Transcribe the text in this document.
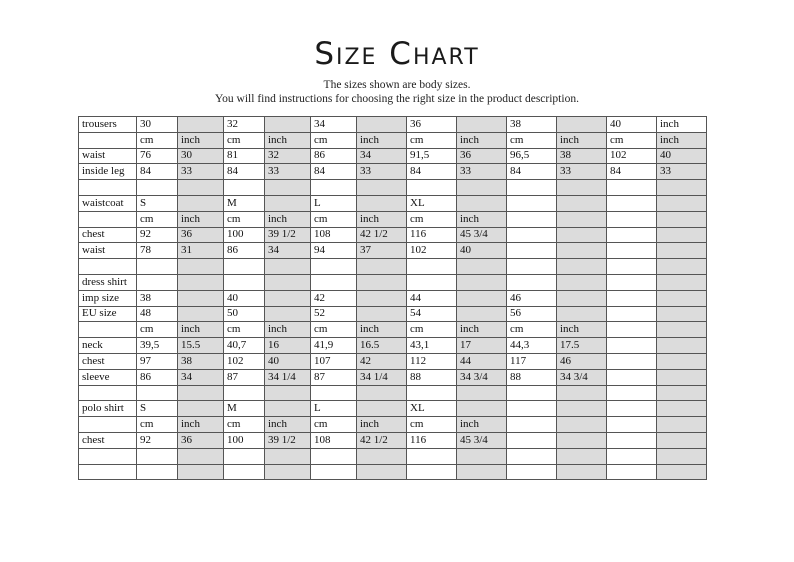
Size Chart
The sizes shown are body sizes.
You will find instructions for choosing the right size in the product description.
trousers	30		32		34		36		38		40	inch
	cm	inch	cm	inch	cm	inch	cm	inch	cm	inch	cm	inch
waist	76	30	81	32	86	34	91,5	36	96,5	38	102	40
inside leg	84	33	84	33	84	33	84	33	84	33	84	33

waistcoat	S		M		L		XL					
	cm	inch	cm	inch	cm	inch	cm	inch				
chest	92	36	100	39 1/2	108	42 1/2	116	45 3/4				
waist	78	31	86	34	94	37	102	40				

dress shirt												
imp size	38		40		42		44		46			
EU size	48		50		52		54		56			
	cm	inch	cm	inch	cm	inch	cm	inch	cm	inch		
neck	39,5	15.5	40,7	16	41,9	16.5	43,1	17	44,3	17.5		
chest	97	38	102	40	107	42	112	44	117	46		
sleeve	86	34	87	34 1/4	87	34 1/4	88	34 3/4	88	34 3/4		

polo shirt	S		M		L		XL					
	cm	inch	cm	inch	cm	inch	cm	inch				
chest	92	36	100	39 1/2	108	42 1/2	116	45 3/4				
